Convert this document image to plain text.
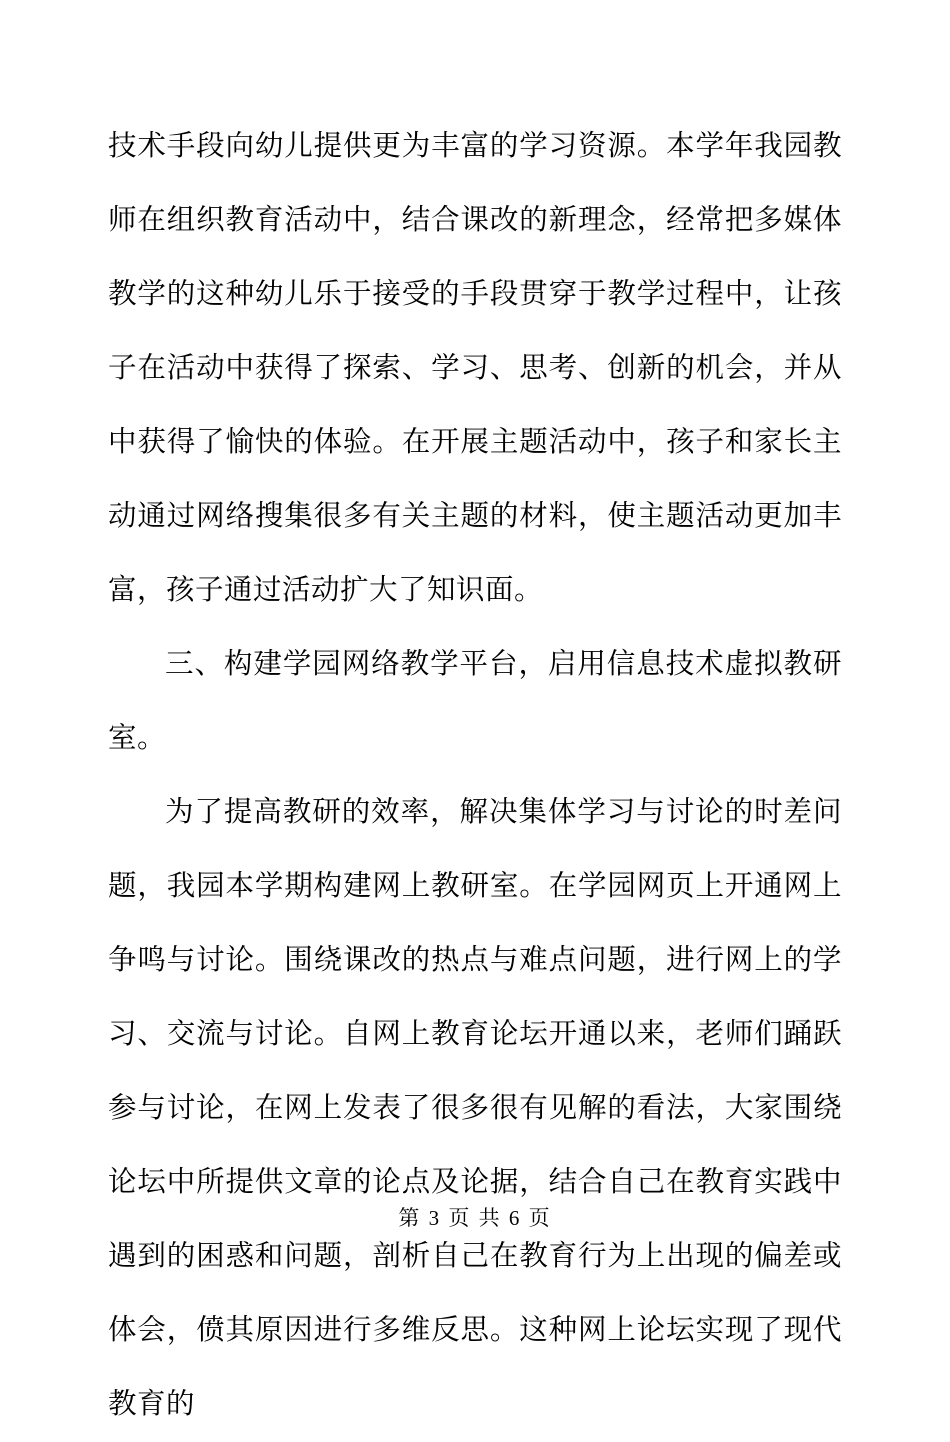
技术手段向幼儿提供更为丰富的学习资源。本学年我园教师在组织教育活动中，结合课改的新理念，经常把多媒体教学的这种幼儿乐于接受的手段贯穿于教学过程中，让孩子在活动中获得了探索、学习、思考、创新的机会，并从中获得了愉快的体验。在开展主题活动中，孩子和家长主动通过网络搜集很多有关主题的材料，使主题活动更加丰富，孩子通过活动扩大了知识面。

三、构建学园网络教学平台，启用信息技术虚拟教研室。

为了提高教研的效率，解决集体学习与讨论的时差问题，我园本学期构建网上教研室。在学园网页上开通网上争鸣与讨论。围绕课改的热点与难点问题，进行网上的学习、交流与讨论。自网上教育论坛开通以来，老师们踊跃参与讨论，在网上发表了很多很有见解的看法，大家围绕论坛中所提供文章的论点及论据，结合自己在教育实践中遇到的困惑和问题，剖析自己在教育行为上出现的偏差或体会，偾其原因进行多维反思。这种网上论坛实现了现代教育的

第 3 页 共 6 页
